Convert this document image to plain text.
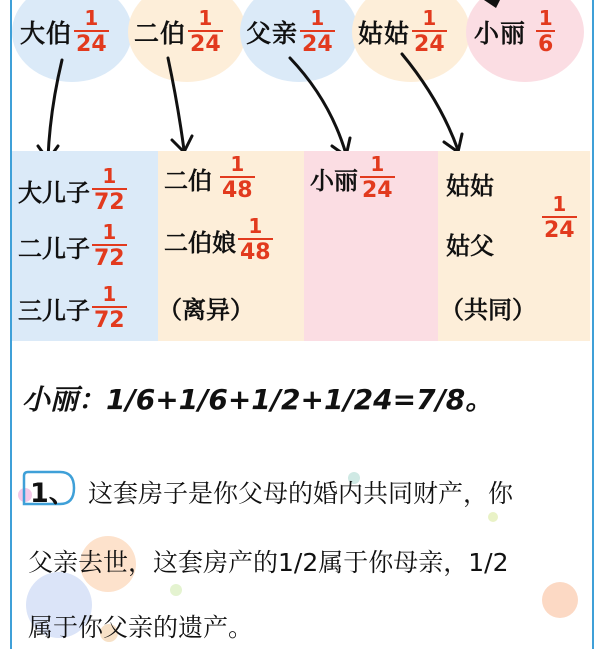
大伯 $\frac{1}{24}$ 二伯 $\frac{1}{24}$ 父亲 $\frac{1}{24}$ 姑姑 $\frac{1}{24}$ 小丽 $\frac{1}{6}$
大儿子 $\frac{1}{72}$
二儿子 $\frac{1}{72}$
三儿子 $\frac{1}{72}$
二伯 $\frac{1}{48}$
二伯娘 $\frac{1}{48}$
（离异）
小丽 $\frac{1}{24}$ 姑姑
姑父
（共同）
$\frac{1}{24}$
小丽：1/6+1/6+1/2+1/24=7/8。
1、 这套房子是你父母的婚内共同财产，你
父亲去世，这套房产的1/2属于你母亲，1/2
属于你父亲的遗产。
